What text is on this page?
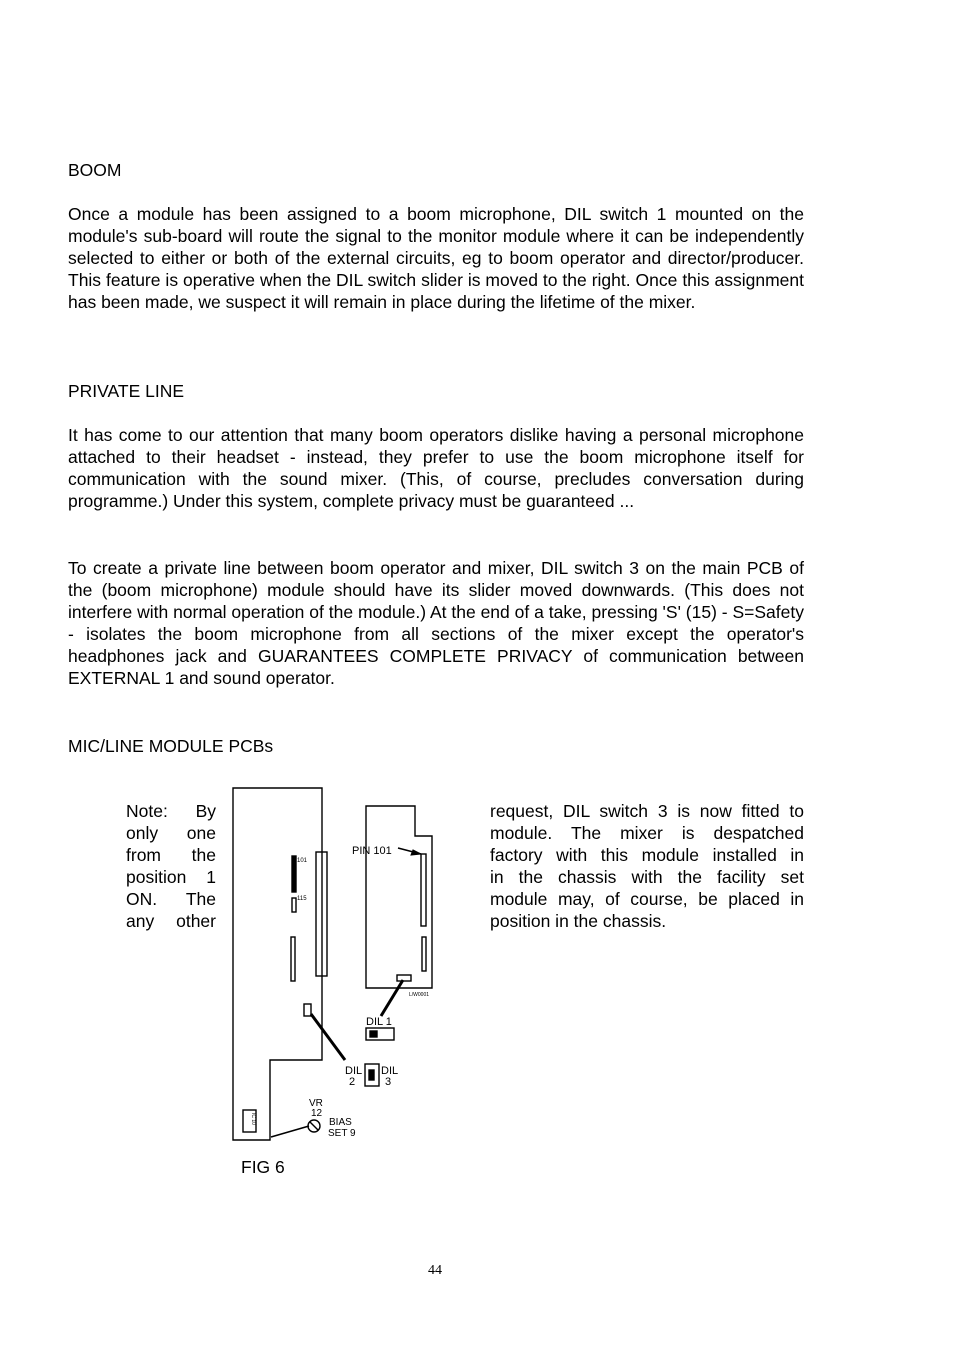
BOOM

Once a module has been assigned to a boom microphone, DIL switch 1 mounted on the module's sub-board will route the signal to the monitor module where it can be independently selected to either or both of the external circuits, eg to boom operator and director/producer. This feature is operative when the DIL switch slider is moved to the right. Once this assignment has been made, we suspect it will remain in place during the lifetime of the mixer.

PRIVATE LINE

It has come to our attention that many boom operators dislike having a personal microphone attached to their headset - instead, they prefer to use the boom microphone itself for communication with the sound mixer. (This, of course, precludes conversation during programme.) Under this system, complete privacy must be guaranteed ...

To create a private line between boom operator and mixer, DIL switch 3 on the main PCB of the (boom microphone) module should have its slider moved downwards. (This does not interfere with normal operation of the module.) At the end of a take, pressing 'S' (15) - S=Safety - isolates the boom microphone from all sections of the mixer except the operator's headphones jack and GUARANTEES COMPLETE PRIVACY of communication between EXTERNAL 1 and sound operator.

MIC/LINE MODULE PCBs
Note: By
only one
from the
position 1
ON. The
any other
request, DIL switch 3 is now fitted to
module. The mixer is despatched
factory with this module installed in
in the chassis with the facility set
module may, of course, be placed in
position in the chassis.
PIN 101
101
115
L/W0001
DIL 1
DIL
2
DIL
3
VR
12
BIAS
SET 9
IC 10
FIG 6
44
